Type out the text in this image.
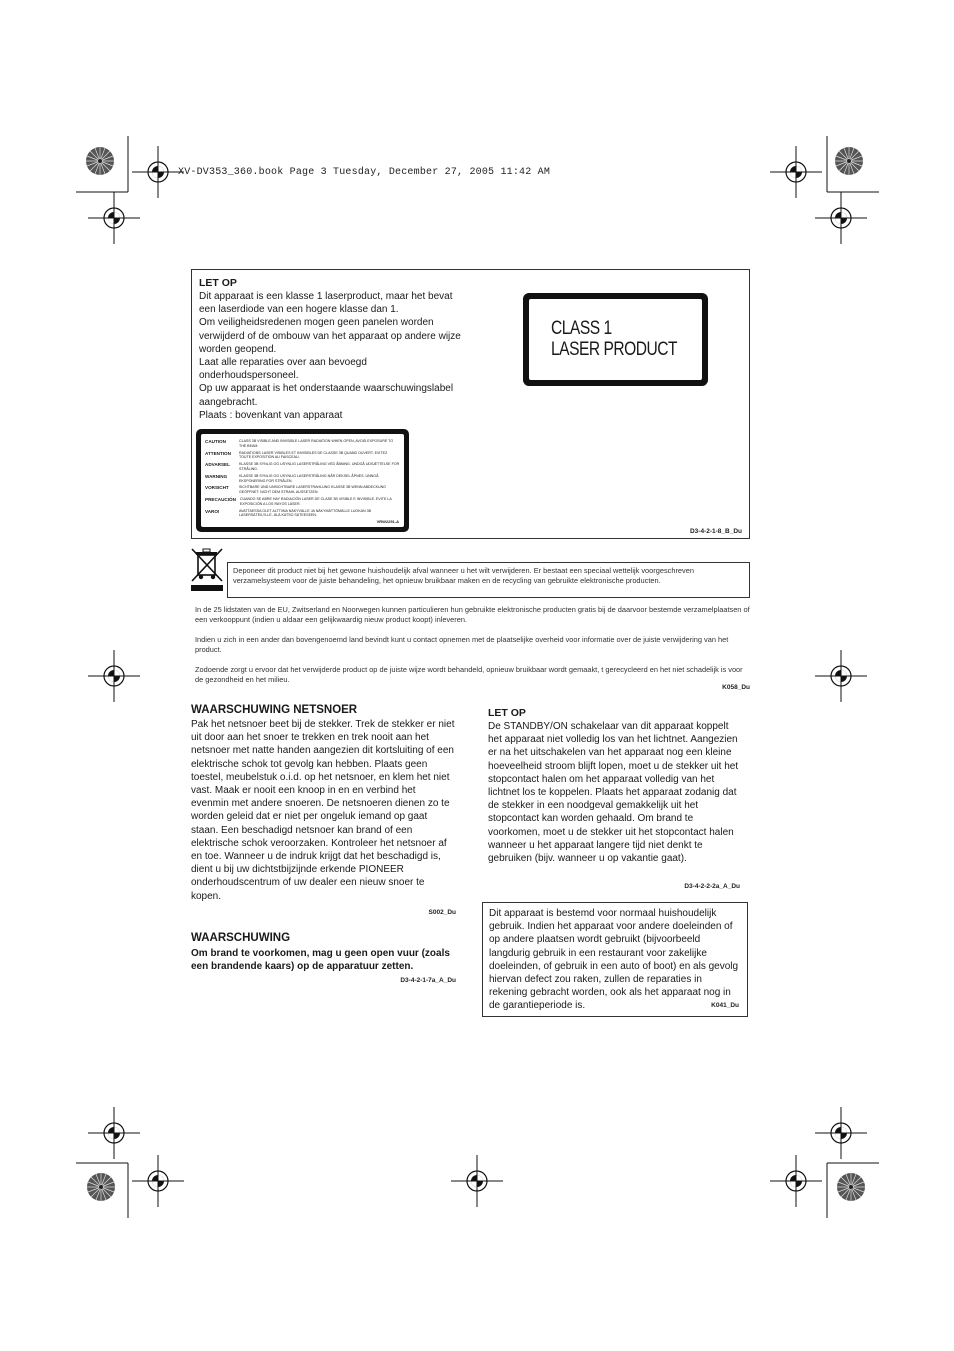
XV-DV353_360.book Page 3 Tuesday, December 27, 2005 11:42 AM
LET OP

Dit apparaat is een klasse 1 laserproduct, maar het bevat een laserdiode van een hogere klasse dan 1.

Om veiligheidsredenen mogen geen panelen worden verwijderd of de ombouw van het apparaat op andere wijze worden geopend.

Laat alle reparaties over aan bevoegd onderhoudspersoneel.

Op uw apparaat is het onderstaande waarschuwingslabel aangebracht.

Plaats : bovenkant van apparaat

CLASS 1
LASER PRODUCT
CAUTION	CLASS 3B VISIBLE AND INVISIBLE LASER RADIATION WHEN OPEN, AVOID EXPOSURE TO THE BEAM.
ATTENTION	RADIATIONS LASER VISIBLES ET INVISIBLES DE CLASSE 3B QUAND OUVERT. EVITEZ TOUTE EXPOSITION AU FAISCEAU.
ADVARSEL	KLASSE 3B SYNLIG OG USYNLIG LASERSTRÅLING VED ÅBNING. UNDGÅ UDSÆTTELSE FOR STRÅLING.
WARNING	KLASSE 3B SYNLIG OG USYNLIG LASERSTRÅLING NÅR DEKSEL ÅPNES. UNNGÅ EKSPONERING FOR STRÅLEN.
VORSICHT	SICHTBARE UND UNSICHTBARE LASERSTRAHLUNG KLASSE 3B WENN ABDECKUNG GEÖFFNET. NICHT DEM STRAHL AUSSETZEN.
PRECAUCIÓN CUANDO SE ABRE HAY RADIACIÓN LASER DE CLASE 3B VISIBLE E INVISIBLE. EVITE LA EXPOSICIÓN A LOS RAYOS LÁSER.
VARO!	AVATTAESSA OLET ALTTIINA NÄKYVÄLLE JA NÄKYMÄTTÖMÄLLE LUOKAN 3B LASERSÄTEILYLLE. ÄLÄ KATSO SÄTEESEEN.
VRW2251-A
D3-4-2-1-8_B_Du

Deponeer dit product niet bij het gewone huishoudelijk afval wanneer u het wilt verwijderen. Er bestaat een speciaal wettelijk voorgeschreven verzamelsysteem voor de juiste behandeling, het opnieuw bruikbaar maken en de recycling van gebruikte elektronische producten.

In de 25 lidstaten van de EU, Zwitserland en Noorwegen kunnen particulieren hun gebruikte elektronische producten gratis bij de daarvoor bestemde verzamelplaatsen of een verkooppunt (indien u aldaar een gelijkwaardig nieuw product koopt) inleveren.

Indien u zich in een ander dan bovengenoemd land bevindt kunt u contact opnemen met de plaatselijke overheid voor informatie over de juiste verwijdering van het product.

Zodoende zorgt u ervoor dat het verwijderde product op de juiste wijze wordt behandeld, opnieuw bruikbaar wordt gemaakt, t gerecycleerd en het niet schadelijk is voor de gezondheid en het milieu.

K058_Du
WAARSCHUWING NETSNOER
Pak het netsnoer beet bij de stekker. Trek de stekker er niet uit door aan het snoer te trekken en trek nooit aan het netsnoer met natte handen aangezien dit kortsluiting of een elektrische schok tot gevolg kan hebben. Plaats geen toestel, meubelstuk o.i.d. op het netsnoer, en klem het niet vast. Maak er nooit een knoop in en en verbind het evenmin met andere snoeren. De netsnoeren dienen zo te worden geleid dat er niet per ongeluk iemand op gaat staan. Een beschadigd netsnoer kan brand of een elektrische schok veroorzaken. Kontroleer het netsnoer af en toe. Wanneer u de indruk krijgt dat het beschadigd is, dient u bij uw dichtstbijzijnde erkende PIONEER onderhoudscentrum of uw dealer een nieuw snoer te kopen.
S002_Du
WAARSCHUWING
Om brand te voorkomen, mag u geen open vuur (zoals een brandende kaars) op de apparatuur zetten.
D3-4-2-1-7a_A_Du
LET OP
De STANDBY/ON schakelaar van dit apparaat koppelt het apparaat niet volledig los van het lichtnet. Aangezien er na het uitschakelen van het apparaat nog een kleine hoeveelheid stroom blijft lopen, moet u de stekker uit het stopcontact halen om het apparaat volledig van het lichtnet los te koppelen. Plaats het apparaat zodanig dat de stekker in een noodgeval gemakkelijk uit het stopcontact kan worden gehaald. Om brand te voorkomen, moet u de stekker uit het stopcontact halen wanneer u het apparaat langere tijd niet denkt te gebruiken (bijv. wanneer u op vakantie gaat).
D3-4-2-2-2a_A_Du
Dit apparaat is bestemd voor normaal huishoudelijk gebruik. Indien het apparaat voor andere doeleinden of op andere plaatsen wordt gebruikt (bijvoorbeeld langdurig gebruik in een restaurant voor zakelijke doeleinden, of gebruik in een auto of boot) en als gevolg hiervan defect zou raken, zullen de reparaties in rekening gebracht worden, ook als het apparaat nog in de garantieperiode is.	K041_Du
